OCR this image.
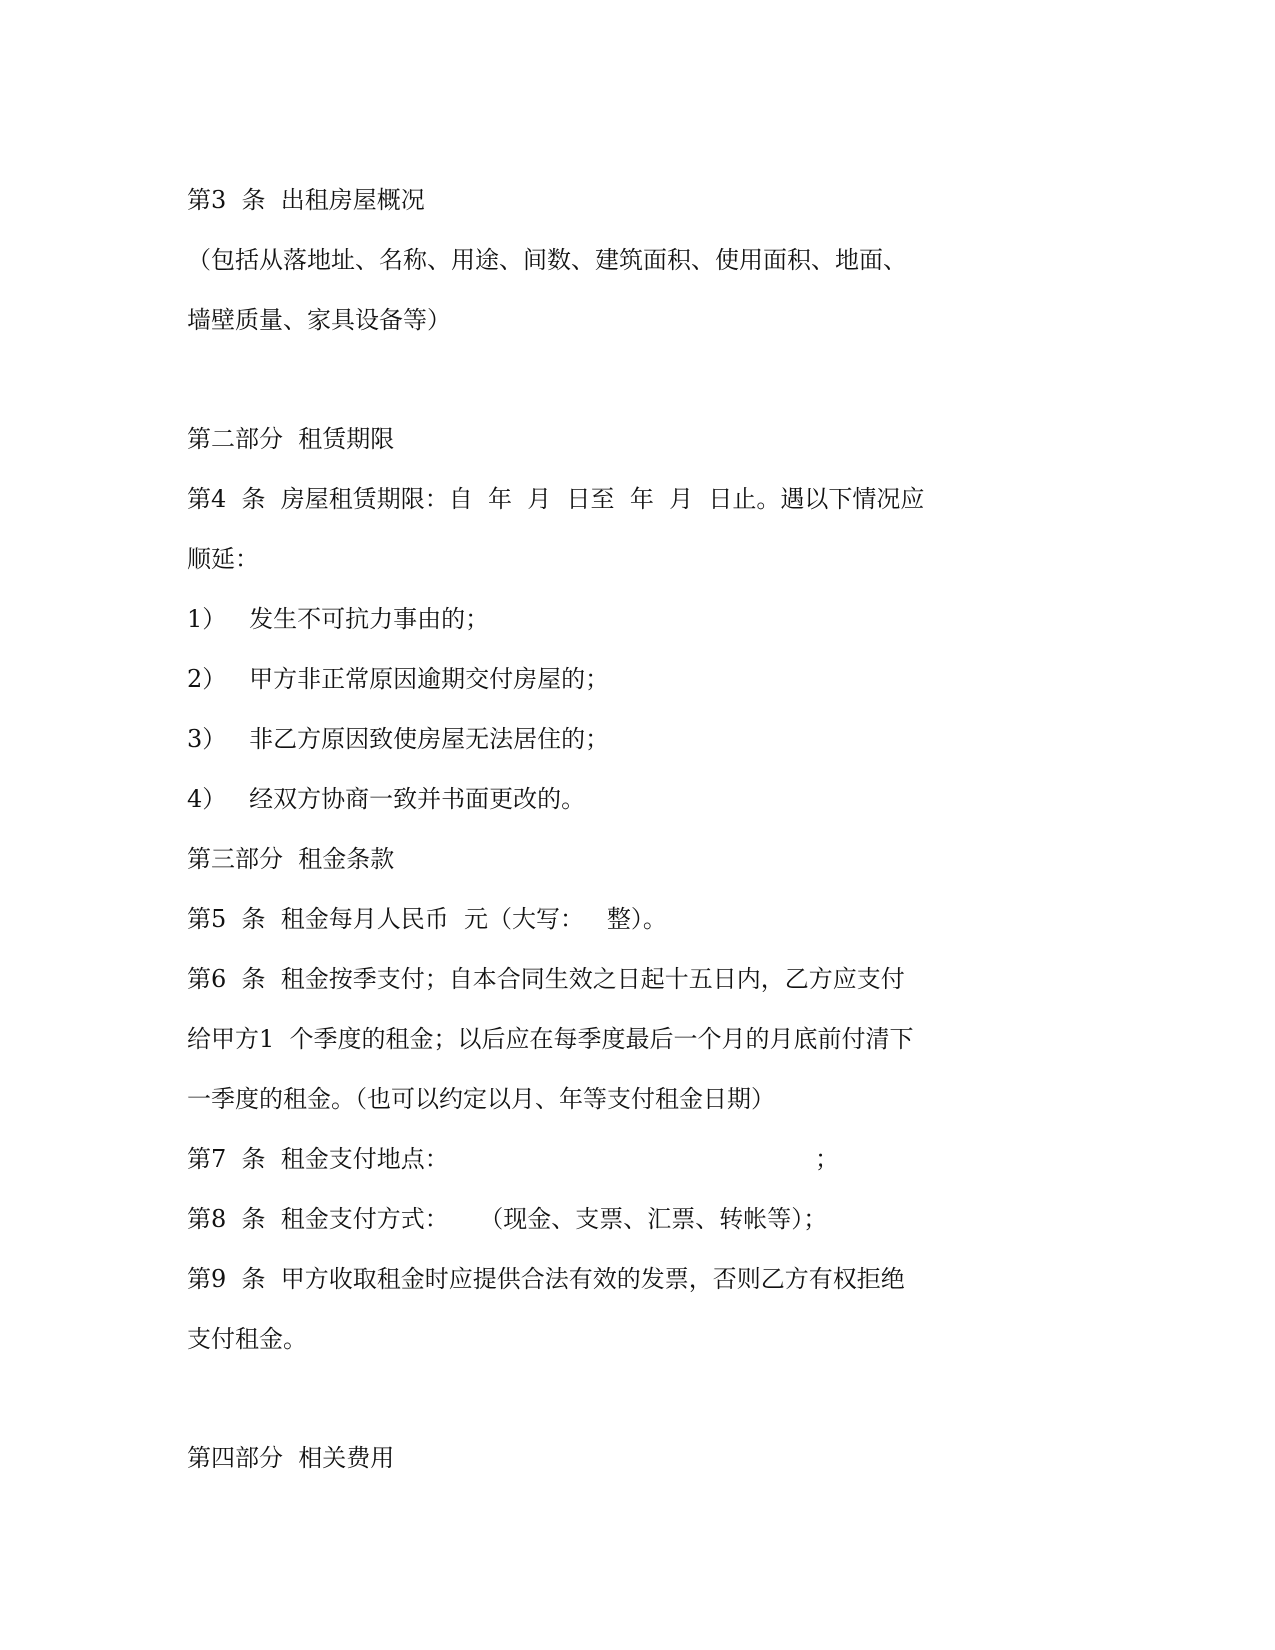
第3  条  出租房屋概况
（包括从落地址、名称、用途、间数、建筑面积、使用面积、地面、
墙壁质量、家具设备等）
第二部分  租赁期限
第4  条  房屋租赁期限：自  年  月  日至  年  月  日止。遇以下情况应
顺延：
1）   发生不可抗力事由的；
2）   甲方非正常原因逾期交付房屋的；
3）   非乙方原因致使房屋无法居住的；
4）   经双方协商一致并书面更改的。
第三部分  租金条款
第5  条  租金每月人民币  元（大写：   整）。
第6  条  租金按季支付；自本合同生效之日起十五日内，乙方应支付
给甲方1  个季度的租金；以后应在每季度最后一个月的月底前付清下
一季度的租金。（也可以约定以月、年等支付租金日期）
第7  条  租金支付地点：                                                ；
第8  条  租金支付方式：    （现金、支票、汇票、转帐等）；
第9  条  甲方收取租金时应提供合法有效的发票，否则乙方有权拒绝
支付租金。
第四部分  相关费用
